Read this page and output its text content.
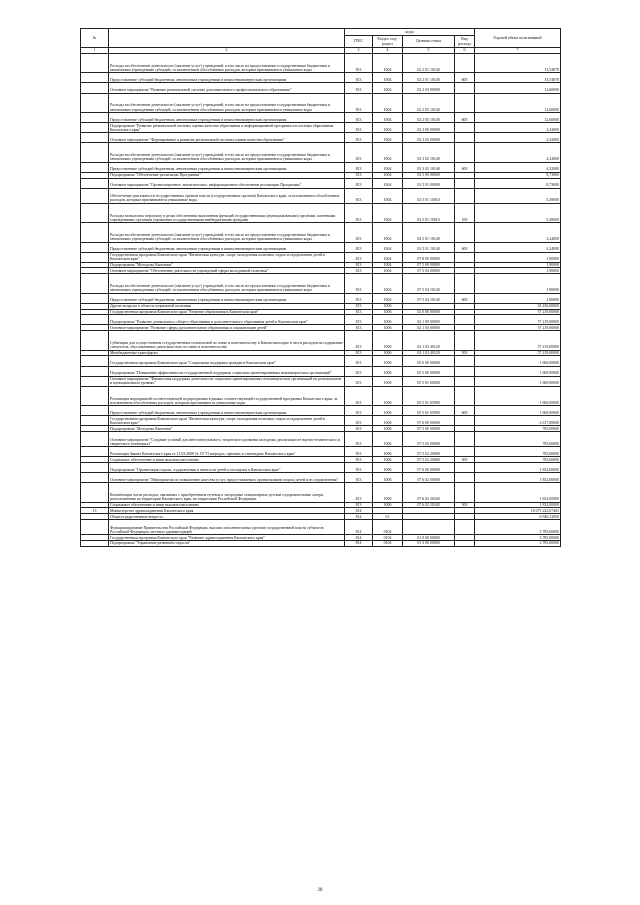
№		коды				Годовой объем ассигнований
		ГРБС	Раздел, под-раздел	Целевая статья	Вид расхода	
1	2	3	4	5	6	7
	Расходы на обеспечение деятельности (оказание услуг) учреждений, в том числе на предоставление государственным бюджетным и автономным учреждениям субсидий, за исключением обособленных расходов, которым присваиваются уникальные коды	813	1004	02 2 01 10140		13,54878
	Предоставление субсидий бюджетным, автономным учреждениям и иным некоммерческим организациям	813	1004	02 2 01 10140	600	13,54878
	Основное мероприятие "Развитие региональной системы дополнительного профессионального образования"	813	1004	02 2 03 00000		12,60000
	Расходы на обеспечение деятельности (оказание услуг) учреждений, в том числе на предоставление государственным бюджетным и автономным учреждениям субсидий, за исключением обособленных расходов, которым присваиваются уникальные коды	813	1004	02 2 05 10140		12,60000
	Предоставление субсидий бюджетным, автономным учреждениям и иным некоммерческим организациям	813	1004	02 2 05 10140	600	12,60000
	Подпрограмма "Развитие региональной системы оценки качества образования и информационной прозрачности системы образования Камчатского края"	813	1004	02 3 00 00000		4,32000
	Основное мероприятие "Формирование и развитие региональной системы оценки качества образования"	813	1004	02 3 02 00000		4,32000
	Расходы на обеспечение деятельности (оказание услуг) учреждений, в том числе на предоставление государственным бюджетным и автономным учреждениям субсидий, за исключением обособленных расходов, которым присваиваются уникальные коды	813	1004	02 3 02 10140		4,32000
	Предоставление субсидий бюджетным, автономным учреждениям и иным некоммерческим организациям	813	1004	02 3 02 10140	600	4,32000
	Подпрограмма "Обеспечение реализации Программы"	813	1004	02 5 00 00000		8,73000
	Основное мероприятие "Организационное, аналитическое, информационное обеспечение реализации Программы"	813	1004	02 5 01 00000		8,73000
	Обеспечение деятельности государственных органов власти (государственных органов) Камчатского края, за исключением обособленных расходов, которым присваиваются уникальные коды	813	1004	02 5 01 10010		5,49000
	Расходы на выплаты персоналу в целях обеспечения выполнения функций государственными (муниципальными) органами, казенными учреждениями, органами управления государственными внебюджетными фондами	813	1004	02 5 01 10010	100	5,49000
	Расходы на обеспечение деятельности (оказание услуг) учреждений, в том числе на предоставление государственным бюджетным и автономным учреждениям субсидий, за исключением обособленных расходов, которым присваиваются уникальные коды	813	1004	02 5 01 10140		3,24000
	Предоставление субсидий бюджетным, автономным учреждениям и иным некоммерческим организациям	813	1004	02 5 01 10140	600	3,24000
	Государственная программа Камчатского края "Физическая культура, спорт, молодежная политика, отдых и оздоровление детей в Камчатском крае"	813	1004	07 0 00 00000		1,90000
	Подпрограмма "Молодежь Камчатки"	813	1004	07 5 00 00000		1,90000
	Основное мероприятие "Обеспечение деятельности учреждений сферы молодежной политики"	813	1004	07 5 04 00000		1,90000
	Расходы на обеспечение деятельности (оказание услуг) учреждений, в том числе на предоставление государственным бюджетным и автономным учреждениям субсидий, за исключением обособленных расходов, которым присваиваются уникальные коды	813	1004	07 5 04 10140		1,90000
	Предоставление субсидий бюджетным, автономным учреждениям и иным некоммерческим организациям	813	1004	07 5 04 10140	600	1,90000
	Другие вопросы в области социальной политики	813	1006			61 436,00000
	Государственная программа Камчатского края "Развитие образования в Камчатском крае"	813	1006	02 0 00 00000		57 219,00000
	Подпрограмма "Развитие дошкольного, общего образования и дополнительного образования детей в Камчатском крае"	813	1006	02 1 00 00000		57 219,00000
	Основное мероприятие "Развитие сферы дополнительного образования и социализации детей"	813	1006	02 1 03 00000		57 219,00000
	Субвенции для осуществления государственных полномочий по опеке и попечительству в Камчатском крае в части расходов на содержание спецсчетов, обусловленных деятельностью по опеке и попечительству	813	1006	02 1 03 40120		57 219,00000
	Межбюджетные трансферты	813	1006	02 1 03 40120	500	57 219,00000
	Государственная программа Камчатского края "Социальная поддержка граждан в Камчатском крае"	813	1006	05 0 00 00000		1 600,00000
	Подпрограмма "Повышение эффективности государственной поддержки социально ориентированных некоммерческих организаций"	813	1006	05 5 00 00000		1 600,00000
	Основное мероприятие "Финансовая поддержка деятельности социально ориентированных некоммерческих организаций на региональном и муниципальном уровнях"	813	1006	05 5 01 00000		1 600,00000
	Реализация мероприятий соответствующей подпрограммы в рамках соответствующей государственной программы Камчатского края, за исключением обособленных расходов, которым присваиваются уникальные коды	813	1006	05 5 01 05990		1 600,00000
	Предоставление субсидий бюджетным, автономным учреждениям и иным некоммерческим организациям	813	1006	05 5 01 05990	600	1 600,00000
	Государственная программа Камчатского края "Физическая культура, спорт, молодежная политика, отдых и оздоровление детей в Камчатском крае"	813	1006	07 0 00 00000		2 617,00000
	Подпрограмма "Молодежь Камчатки"	813	1006	07 5 00 00000		785,00000
	Основное мероприятие "Создание условий для интеллектуального, творческого развития молодежи, реализации ее научно-технического и творческого потенциала"	813	1006	07 5 02 00000		785,00000
	Реализация Закона Камчатского края от 11.03.2008 № 18 "О наградах, премиях и стипендиях Камчатского края"	813	1006	07 5 02 20080		785,00000
	Социальное обеспечение и иные выплаты населению	813	1006	07 5 02 20080	300	785,00000
	Подпрограмма "Организация отдыха, оздоровления и занятости детей и молодежи в Камчатском крае"	813	1006	07 6 00 00000		1 832,00000
	Основное мероприятие "Мероприятия по повышению качества услуг, предоставляемых организациями отдыха детей и их оздоровления"	813	1006	07 6 02 00000		1 832,00000
	Компенсация части расходов, связанных с приобретением путевок в загородные стационарные детские оздоровительные лагеря, расположенные на территории Камчатского края, на территории Российской Федерации	813	1006	07 6 02 20240		1 832,00000
	Социальное обеспечение и иные выплаты населению	813	1006	07 6 02 20240	300	1 832,00000
13	Министерство здравоохранения Камчатского края	814				10 073 242,67483
	Общегосударственные вопросы	814	01			6 940,32000
	Функционирование Правительства Российской Федерации, высших исполнительных органов государственной власти субъектов Российской Федерации, местных администраций	814	0104			3 785,00000
	Государственная программа Камчатского края "Развитие здравоохранения Камчатского края"	814	0104	01 0 00 00000		3 785,00000
	Подпрограмма "Управление развитием отрасли"	814	0104	01 3 00 00000		3 785,00000
28
